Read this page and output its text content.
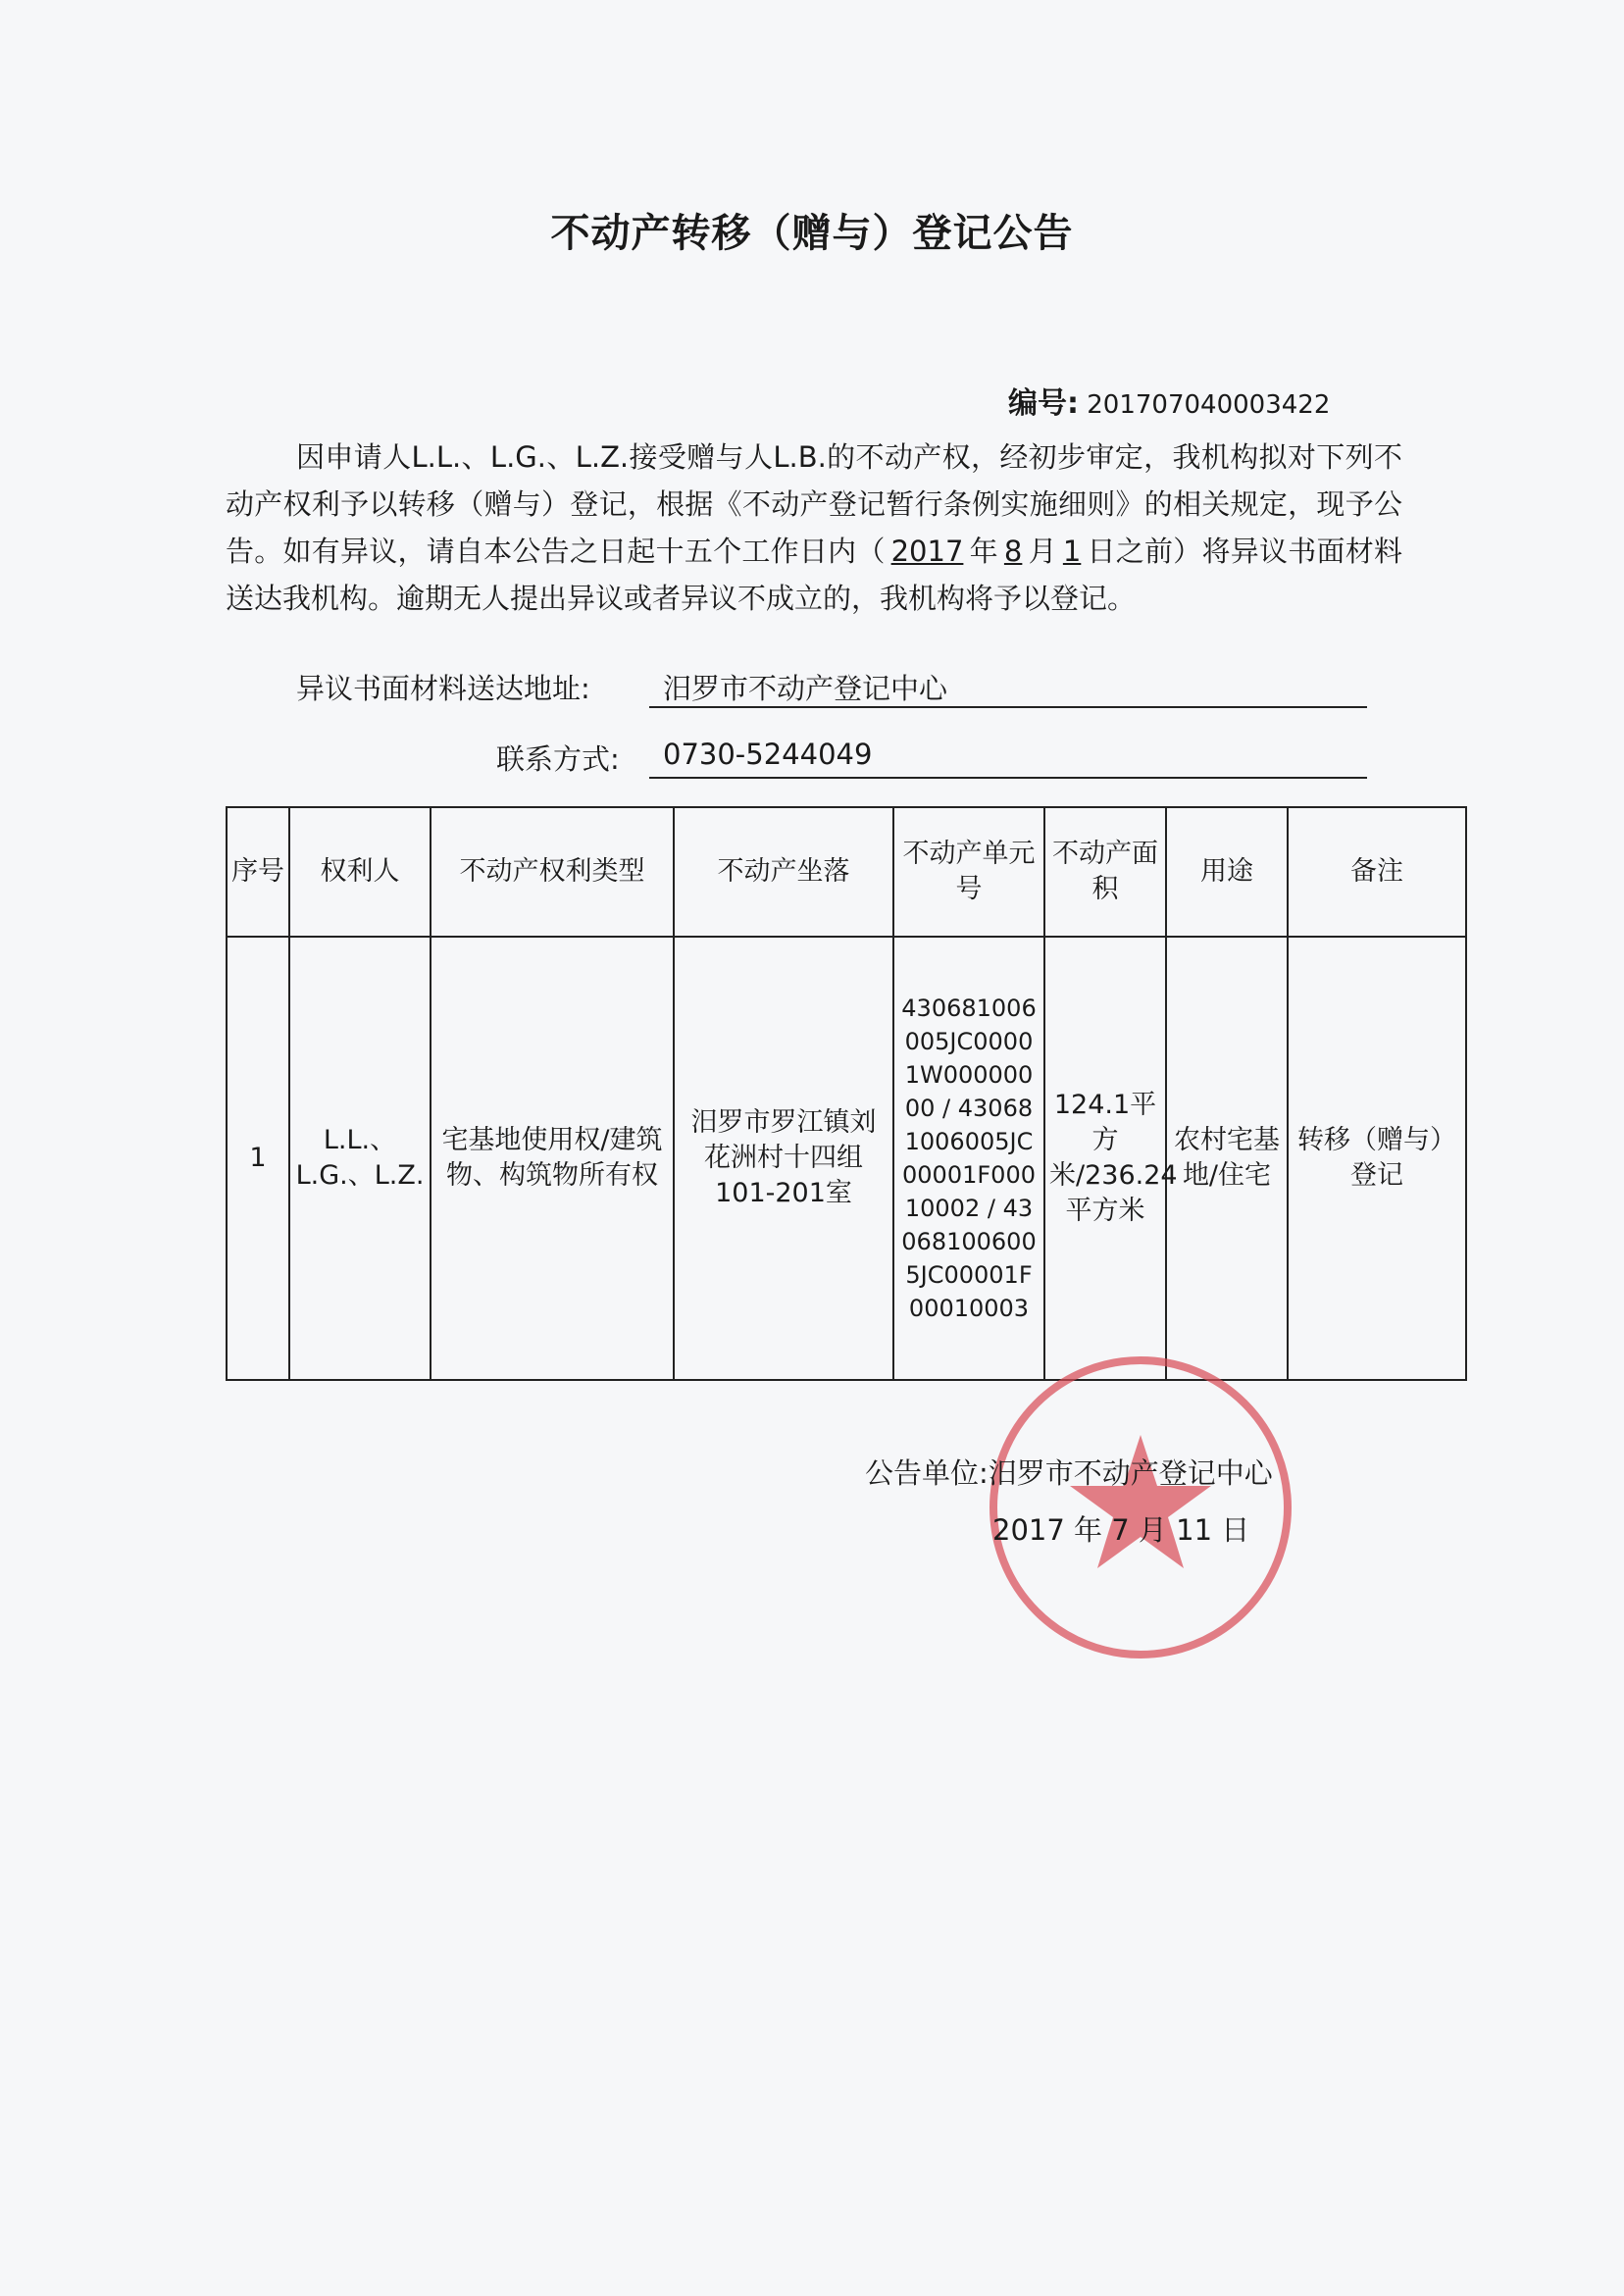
不动产转移（赠与）登记公告
编号: 201707040003422

因申请人L.L.、L.G.、L.Z.接受赠与人L.B.的不动产权，经初步审定，我机构拟对下列不动产权利予以转移（赠与）登记，根据《不动产登记暂行条例实施细则》的相关规定，现予公告。如有异议，请自本公告之日起十五个工作日内（ 2017 年 8 月 1 日之前）将异议书面材料送达我机构。逾期无人提出异议或者异议不成立的，我机构将予以登记。

异议书面材料送达地址:	汨罗市不动产登记中心
联系方式:	0730-5244049
序号	权利人	不动产权利类型	不动产坐落	不动产单元号	不动产面积	用途	备注
1	L.L.、L.G.、L.Z.	宅基地使用权/建筑物、构筑物所有权	汨罗市罗江镇刘花洲村十四组101-201室	430681006005JC00001W00000000 / 430681006005JC00001F00010002 / 430681006005JC00001F00010003	124.1平方米/236.24平方米	农村宅基地/住宅	转移（赠与）登记
公告单位:汨罗市不动产登记中心
2017 年 7 月 11 日
